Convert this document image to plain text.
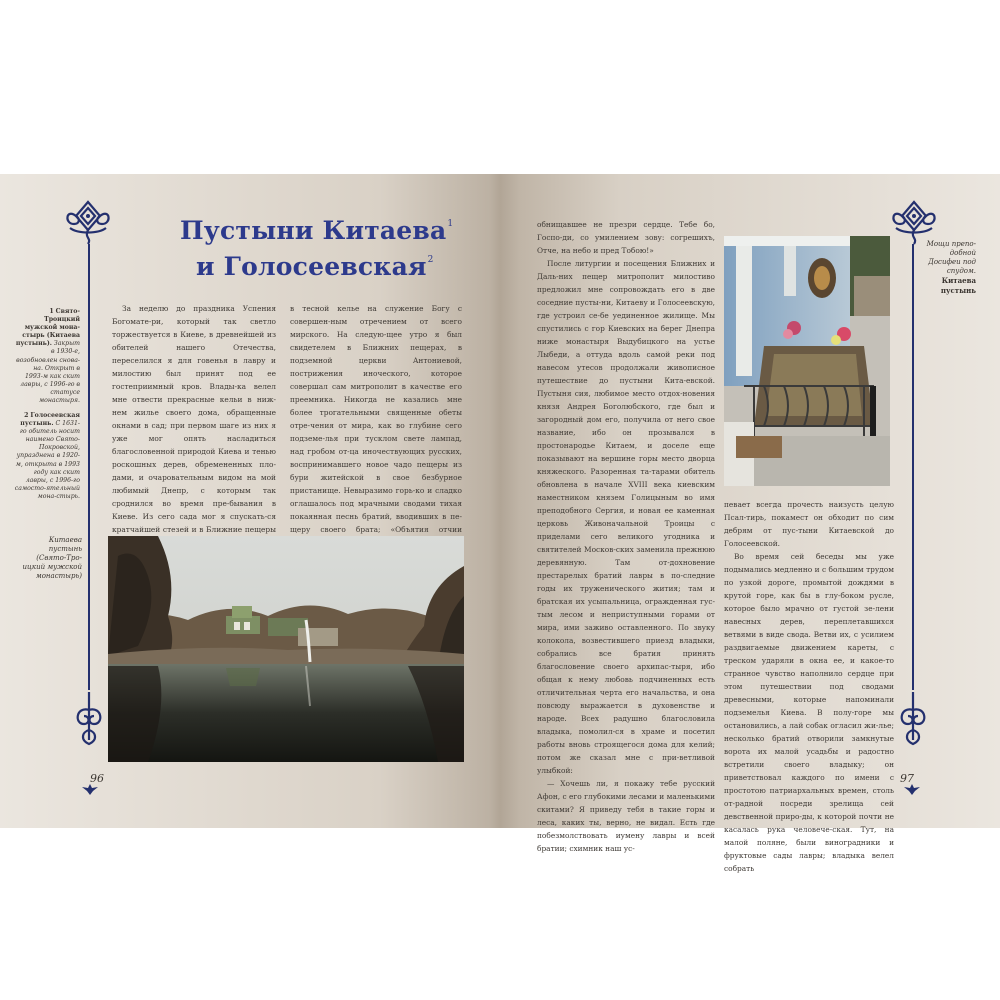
96	97
Пустыни Китаева$^1$
и Голосеевская$^2$
1 Свято-Троицкий мужской мона-стырь (Китаева пустынь). Закрыт в 1930-е, возобновлен снова-на. Открыт в 1993-м как скит лавры, с 1996-го в статусе монастыря.
2 Голосеевская пустынь. С 1631-го обитель носит наимено Свято-Покровской, упразднена в 1920-м, открыта в 1993 году как скит лавры, с 1996-го самосто-ятельный мона-стырь.
Китаева пустынь (Свято-Тро-ицкий мужской монастырь)

За неделю до праздника Успения Богомате-ри, который так светло торжествуется в Киеве, в древнейшей из обителей нашего Отечества, переселился я для говенья в лавру и милостию был принят под ее гостеприимный кров. Влады-ка велел мне отвести прекрасные кельи в ниж-нем жилье своего дома, обращенные окнами в сад; при первом шаге из них я уже мог опять насладиться благословенной природой Киева и тенью роскошных дерев, обремененных пло-дами, и очаровательным видом на мой любимый Днепр, с которым так сроднился во время пре-бывания в Киеве. Из сего сада мог я спускать-ся кратчайшей стезей и в Ближние пещеры

в тесной келье на служение Богу с совершен-ным отречением от всего мирского. На следую-щее утро я был свидетелем в Ближних пещерах, в подземной церкви Антониевой, пострижения иноческого, которое совершал сам митрополит в качестве его преемника. Никогда не казались мне более трогательными священные обеты отре-чения от мира, как во глубине сего подземе-лья при тусклом свете лампад, над гробом от-ца иночествующих русских, воспринимавшего новое чадо пещеры из бури житейской в свое безбурное пристанище. Невыразимо горь-ко и сладко оглашалось под мрачными сводами тихая покаянная песнь братий, вводивших в пе-щеру своего брата; «Объятия отчии

обнищавшее не презри сердце. Тебе бо, Госпо-ди, со умилением зову: согрешихъ, Отче, на небо и пред Тобою!»

После литургии и посещения Ближних и Даль-них пещер митрополит милостиво предложил мне сопровождать его в две соседние пусты-ни, Китаеву и Голосеевскую, где устроил се-бе уединенное жилище. Мы спустились с гор Киевских на берег Днепра ниже монастыря Выдубицкого на устье Лыбеди, а оттуда вдоль самой реки под навесом утесов продолжали живописное путешествие до пустыни Кита-евской. Пустыня сия, любимое место отдох-новения князя Андрея Боголюбского, где был и загородный дом его, получила от него свое название, ибо он прозывался в простонародье Китаем, и доселе еще показывают на вершине горы место дворца княжеского. Разоренная та-тарами обитель обновлена в начале XVIII века киевским наместником князем Голицыным во имя преподобного Сергия, и новая ее каменная церковь Живоначальной Троицы с приделами сего великого угодника и святителей Москов-ских заменила прежнюю деревянную. Там от-дохновение престарелых братий лавры в по-следние годы их труженического жития; там и братская их усыпальница, огражденная гус-тым лесом и неприступными горами от мира, ими заживо оставленного. По звуку колокола, возвестившего приезд владыки, собрались все братия принять благословение своего архипас-тыря, ибо общая к нему любовь подчиненных есть отличительная черта его начальства, и она повсюду выражается в духовенстве и народе. Всех радушно благословила владыка, помолил-ся в храме и посетил работы вновь строящегося дома для келий; потом же сказал мне с при-ветливой улыбкой:

— Хочешь ли, я покажу тебе русский Афон, с его глубокими лесами и маленькими скитами? Я приведу тебя в такие горы и леса, каких ты, верно, не видал. Есть где побезмолствовать иумену лавры и всей братии; схимник наш ус-

певает всегда прочесть наизусть целую Псал-тирь, покамест он обходит по сим дебрям от пус-тыни Китаевской до Голосеевской.

Во время сей беседы мы уже подымались медленно и с большим трудом по узкой дороге, промытой дождями в крутой горе, как бы в глу-боком русле, которое было мрачно от густой зе-лени навесных дерев, переплетавшихся ветвями в виде свода. Ветви их, с усилием раздвигаемые движением кареты, с треском ударяли в окна ее, и какое-то странное чувство наполнило сердце при этом путешествии под сводами древесными, которые напоминали подземелья Киева. В полу-горе мы остановились, а лай собак огласил жи-лье; несколько братий отворили замкнутые ворота их малой усадьбы и радостно встретили своего владыку; он приветствовал каждого по имени с простотою патриархальных времен, столь от-радной посреди зрелища сей девственной приро-ды, к которой почти не касалась рука человече-ская. Тут, на малой поляне, были виноградники и фруктовые сады лавры; владыка велел собрать

Мощи препо-добной Досифеи под спудом. Китаева пустынь
